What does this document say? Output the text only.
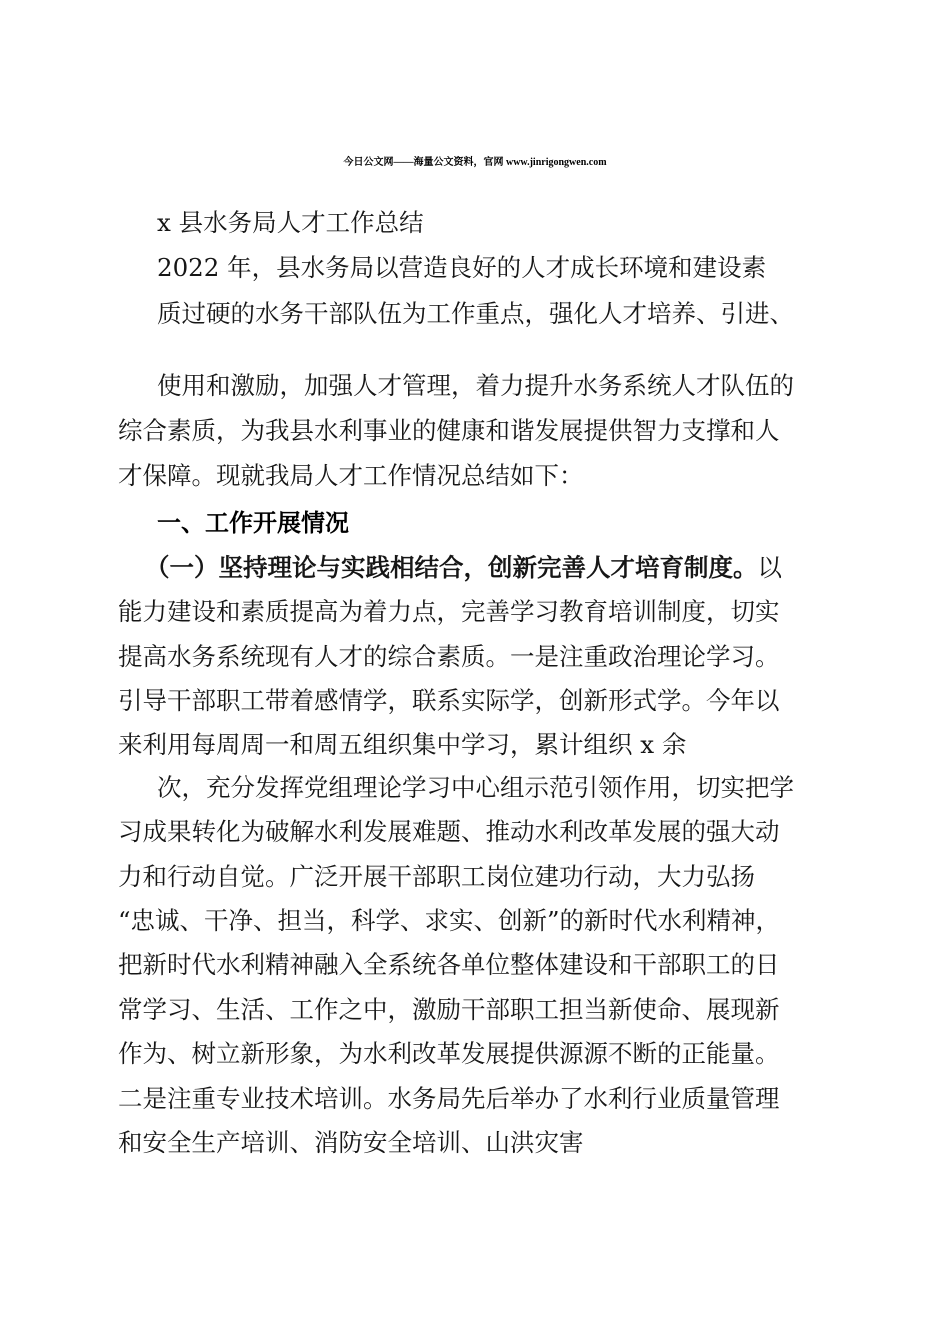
今日公文网——海量公文资料，官网 www.jinrigongwen.com
x 县水务局人才工作总结
2022 年，县水务局以营造良好的人才成长环境和建设素
质过硬的水务干部队伍为工作重点，强化人才培养、引进、
使用和激励，加强人才管理，着力提升水务系统人才队伍的
综合素质，为我县水利事业的健康和谐发展提供智力支撑和人
才保障。现就我局人才工作情况总结如下：
一、工作开展情况
（一）坚持理论与实践相结合，创新完善人才培育制度。以
能力建设和素质提高为着力点，完善学习教育培训制度，切实
提高水务系统现有人才的综合素质。一是注重政治理论学习。
引导干部职工带着感情学，联系实际学，创新形式学。今年以
来利用每周周一和周五组织集中学习，累计组织 x 余
次，充分发挥党组理论学习中心组示范引领作用，切实把学
习成果转化为破解水利发展难题、推动水利改革发展的强大动
力和行动自觉。广泛开展干部职工岗位建功行动，大力弘扬
“忠诚、干净、担当，科学、求实、创新”的新时代水利精神，
把新时代水利精神融入全系统各单位整体建设和干部职工的日
常学习、生活、工作之中，激励干部职工担当新使命、展现新
作为、树立新形象，为水利改革发展提供源源不断的正能量。
二是注重专业技术培训。水务局先后举办了水利行业质量管理
和安全生产培训、消防安全培训、山洪灾害
